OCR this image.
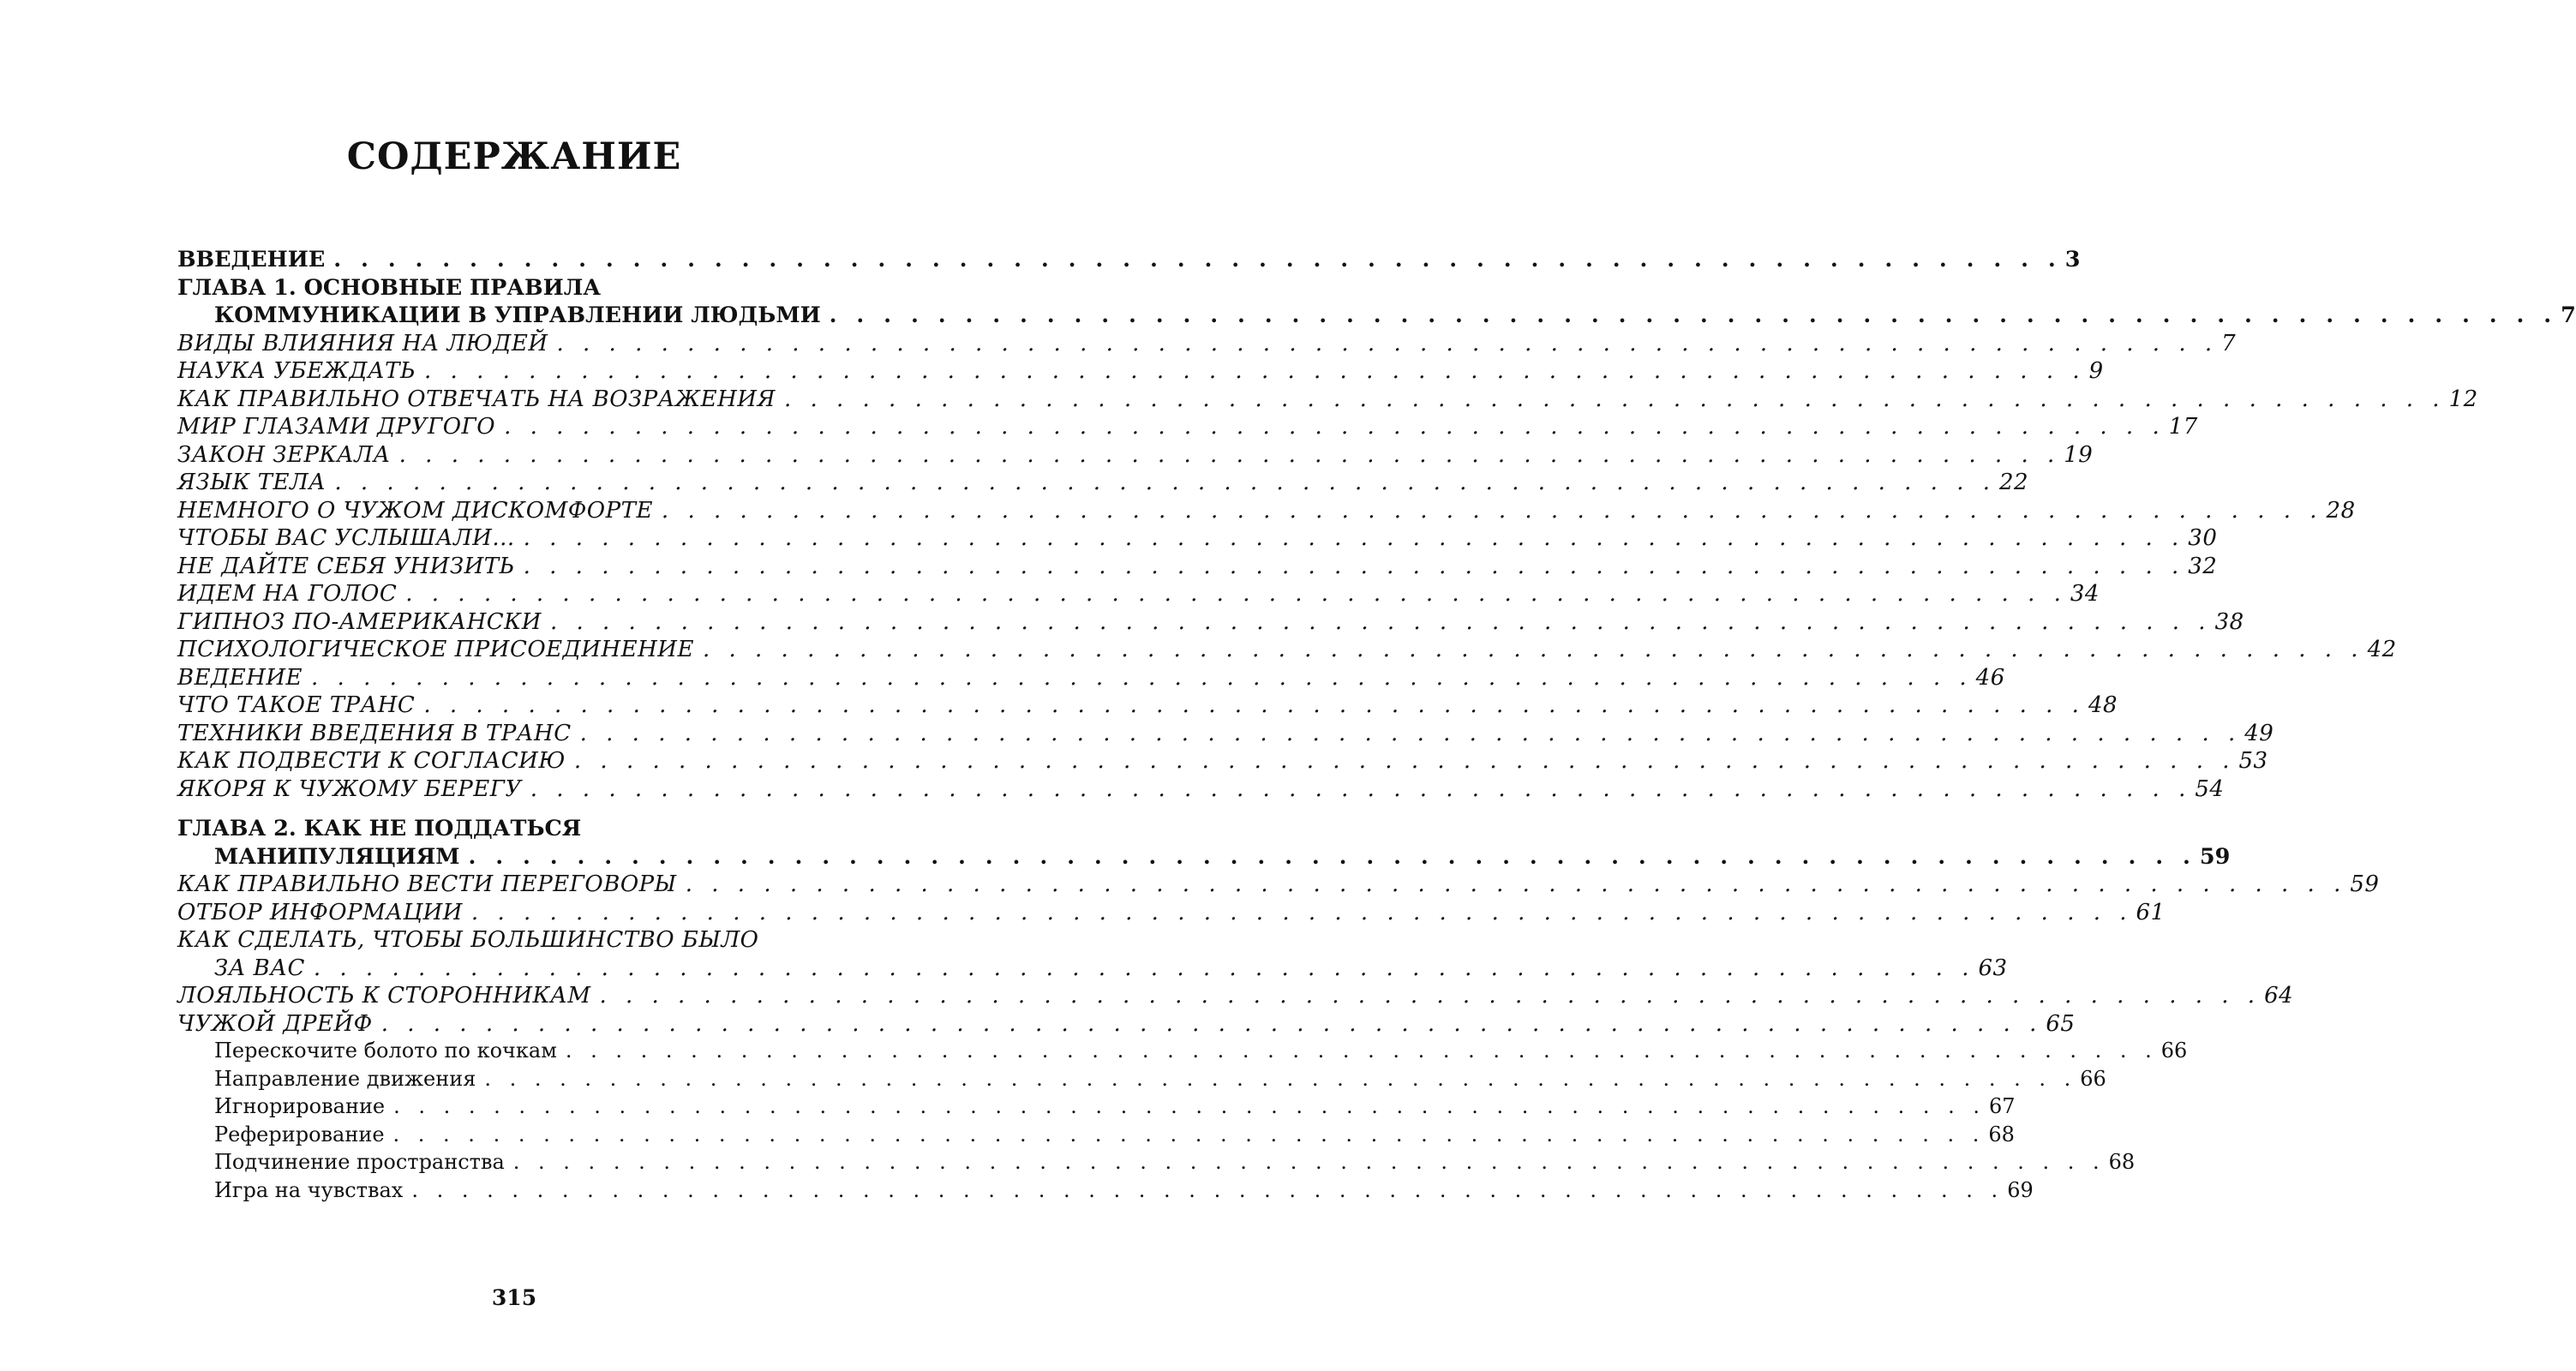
СОДЕРЖАНИЕ
ВВЕДЕНИЕ . . . . . . . . . . . . . . . . . . . . . . . . . . . . . . . . . . . . . . . . . . . . . . . . . . . . . . . . . . . . . . . . 3
ГЛАВА 1. ОСНОВНЫЕ ПРАВИЛА
КОММУНИКАЦИИ В УПРАВЛЕНИИ ЛЮДЬМИ . . . . . . . . . . . . . . . . . . . . . . . . . . . . . . . . . . . . . . . . . . . . . . . . . . . . . . . . . . . . . . . . 7
ВИДЫ ВЛИЯНИЯ НА ЛЮДЕЙ . . . . . . . . . . . . . . . . . . . . . . . . . . . . . . . . . . . . . . . . . . . . . . . . . . . . . . . . . . . . . . . . 7
НАУКА УБЕЖДАТЬ . . . . . . . . . . . . . . . . . . . . . . . . . . . . . . . . . . . . . . . . . . . . . . . . . . . . . . . . . . . . . . . . 9
КАК ПРАВИЛЬНО ОТВЕЧАТЬ НА ВОЗРАЖЕНИЯ . . . . . . . . . . . . . . . . . . . . . . . . . . . . . . . . . . . . . . . . . . . . . . . . . . . . . . . . . . . . . . . . 12
МИР ГЛАЗАМИ ДРУГОГО . . . . . . . . . . . . . . . . . . . . . . . . . . . . . . . . . . . . . . . . . . . . . . . . . . . . . . . . . . . . . . . . 17
ЗАКОН ЗЕРКАЛА . . . . . . . . . . . . . . . . . . . . . . . . . . . . . . . . . . . . . . . . . . . . . . . . . . . . . . . . . . . . . . . . 19
ЯЗЫК ТЕЛА . . . . . . . . . . . . . . . . . . . . . . . . . . . . . . . . . . . . . . . . . . . . . . . . . . . . . . . . . . . . . . . . 22
НЕМНОГО О ЧУЖОМ ДИСКОМФОРТЕ . . . . . . . . . . . . . . . . . . . . . . . . . . . . . . . . . . . . . . . . . . . . . . . . . . . . . . . . . . . . . . . . 28
ЧТОБЫ ВАС УСЛЫШАЛИ... . . . . . . . . . . . . . . . . . . . . . . . . . . . . . . . . . . . . . . . . . . . . . . . . . . . . . . . . . . . . . . . . 30
НЕ ДАЙТЕ СЕБЯ УНИЗИТЬ . . . . . . . . . . . . . . . . . . . . . . . . . . . . . . . . . . . . . . . . . . . . . . . . . . . . . . . . . . . . . . . . 32
ИДЕМ НА ГОЛОС . . . . . . . . . . . . . . . . . . . . . . . . . . . . . . . . . . . . . . . . . . . . . . . . . . . . . . . . . . . . . . . . 34
ГИПНОЗ ПО-АМЕРИКАНСКИ . . . . . . . . . . . . . . . . . . . . . . . . . . . . . . . . . . . . . . . . . . . . . . . . . . . . . . . . . . . . . . . . 38
ПСИХОЛОГИЧЕСКОЕ ПРИСОЕДИНЕНИЕ . . . . . . . . . . . . . . . . . . . . . . . . . . . . . . . . . . . . . . . . . . . . . . . . . . . . . . . . . . . . . . . . 42
ВЕДЕНИЕ . . . . . . . . . . . . . . . . . . . . . . . . . . . . . . . . . . . . . . . . . . . . . . . . . . . . . . . . . . . . . . . . 46
ЧТО ТАКОЕ ТРАНС . . . . . . . . . . . . . . . . . . . . . . . . . . . . . . . . . . . . . . . . . . . . . . . . . . . . . . . . . . . . . . . . 48
ТЕХНИКИ ВВЕДЕНИЯ В ТРАНС . . . . . . . . . . . . . . . . . . . . . . . . . . . . . . . . . . . . . . . . . . . . . . . . . . . . . . . . . . . . . . . . 49
КАК ПОДВЕСТИ К СОГЛАСИЮ . . . . . . . . . . . . . . . . . . . . . . . . . . . . . . . . . . . . . . . . . . . . . . . . . . . . . . . . . . . . . . . . 53
ЯКОРЯ К ЧУЖОМУ БЕРЕГУ . . . . . . . . . . . . . . . . . . . . . . . . . . . . . . . . . . . . . . . . . . . . . . . . . . . . . . . . . . . . . . . . 54
ГЛАВА 2. КАК НЕ ПОДДАТЬСЯ
МАНИПУЛЯЦИЯМ . . . . . . . . . . . . . . . . . . . . . . . . . . . . . . . . . . . . . . . . . . . . . . . . . . . . . . . . . . . . . . . . 59
КАК ПРАВИЛЬНО ВЕСТИ ПЕРЕГОВОРЫ . . . . . . . . . . . . . . . . . . . . . . . . . . . . . . . . . . . . . . . . . . . . . . . . . . . . . . . . . . . . . . . . 59
ОТБОР ИНФОРМАЦИИ . . . . . . . . . . . . . . . . . . . . . . . . . . . . . . . . . . . . . . . . . . . . . . . . . . . . . . . . . . . . . . . . 61
КАК СДЕЛАТЬ, ЧТОБЫ БОЛЬШИНСТВО БЫЛО
ЗА ВАС . . . . . . . . . . . . . . . . . . . . . . . . . . . . . . . . . . . . . . . . . . . . . . . . . . . . . . . . . . . . . . . . 63
ЛОЯЛЬНОСТЬ К СТОРОННИКАМ . . . . . . . . . . . . . . . . . . . . . . . . . . . . . . . . . . . . . . . . . . . . . . . . . . . . . . . . . . . . . . . . 64
ЧУЖОЙ ДРЕЙФ . . . . . . . . . . . . . . . . . . . . . . . . . . . . . . . . . . . . . . . . . . . . . . . . . . . . . . . . . . . . . . . . 65
Перескочите болото по кочкам . . . . . . . . . . . . . . . . . . . . . . . . . . . . . . . . . . . . . . . . . . . . . . . . . . . . . . . . . . . . . . . . 66
Направление движения . . . . . . . . . . . . . . . . . . . . . . . . . . . . . . . . . . . . . . . . . . . . . . . . . . . . . . . . . . . . . . . . 66
Игнорирование . . . . . . . . . . . . . . . . . . . . . . . . . . . . . . . . . . . . . . . . . . . . . . . . . . . . . . . . . . . . . . . . 67
Реферирование . . . . . . . . . . . . . . . . . . . . . . . . . . . . . . . . . . . . . . . . . . . . . . . . . . . . . . . . . . . . . . . . 68
Подчинение пространства . . . . . . . . . . . . . . . . . . . . . . . . . . . . . . . . . . . . . . . . . . . . . . . . . . . . . . . . . . . . . . . . 68
Игра на чувствах . . . . . . . . . . . . . . . . . . . . . . . . . . . . . . . . . . . . . . . . . . . . . . . . . . . . . . . . . . . . . . . . 69
315
